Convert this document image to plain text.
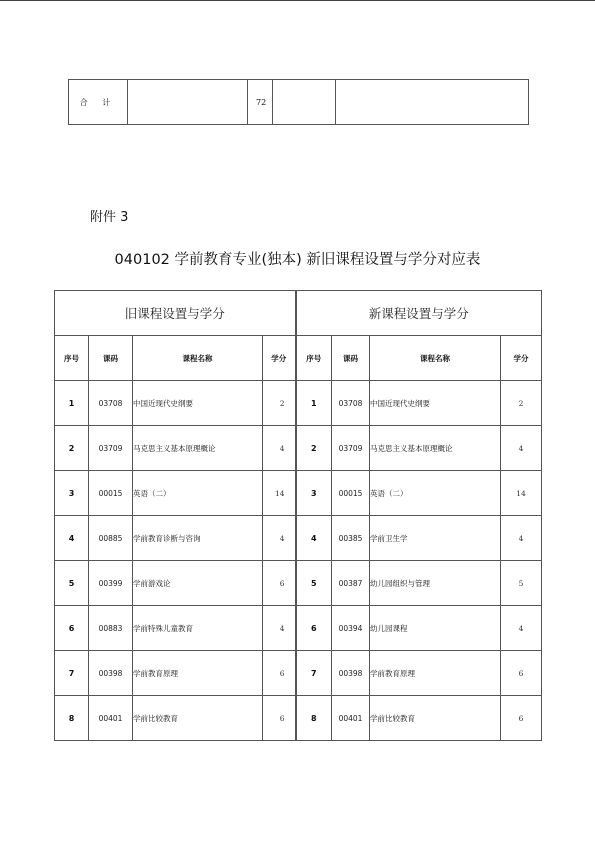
合 计		72		
附件 3
040102 学前教育专业(独本) 新旧课程设置与学分对应表
旧课程设置与学分				新课程设置与学分			
序号	课码	课程名称	学分	序号	课码	课程名称	学分
1	03708	中国近现代史纲要	2	1	03708	中国近现代史纲要	2
2	03709	马克思主义基本原理概论	4	2	03709	马克思主义基本原理概论	4
3	00015	英语（二）	14	3	00015	英语（二）	14
4	00885	学前教育诊断与咨询	4	4	00385	学前卫生学	4
5	00399	学前游戏论	6	5	00387	幼儿园组织与管理	5
6	00883	学前特殊儿童教育	4	6	00394	幼儿园课程	4
7	00398	学前教育原理	6	7	00398	学前教育原理	6
8	00401	学前比较教育	6	8	00401	学前比较教育	6
